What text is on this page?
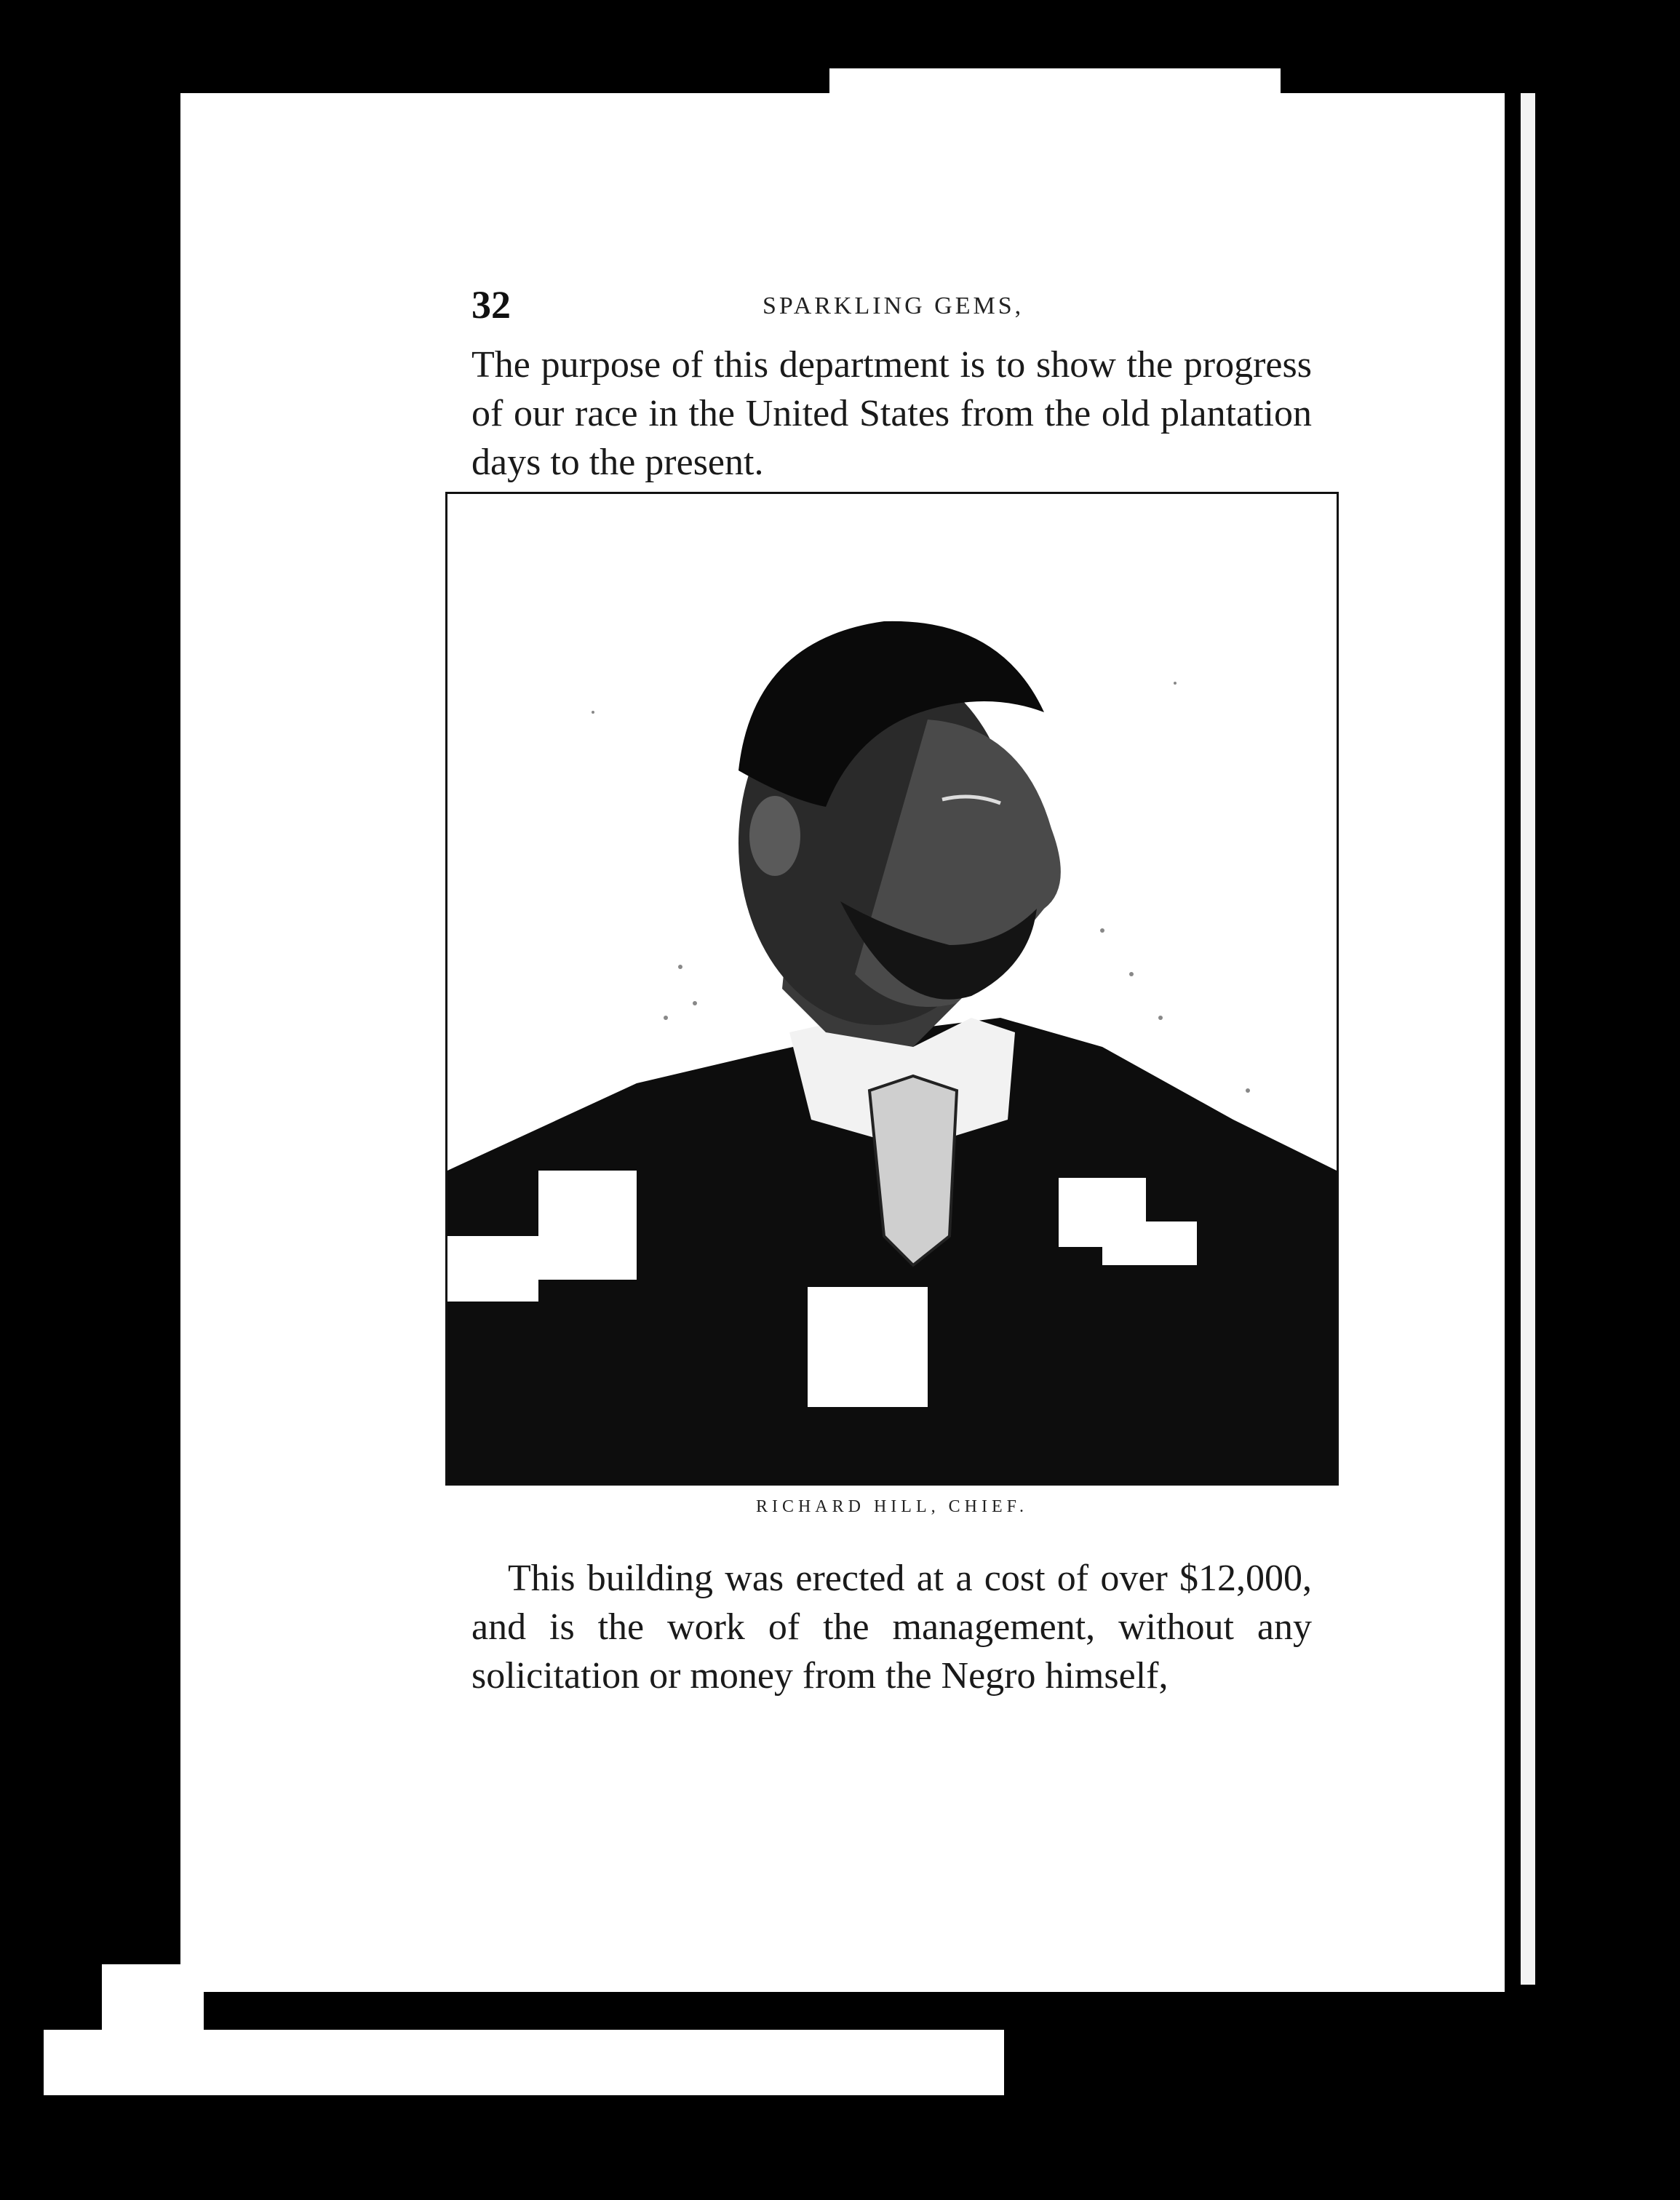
32	SPARKLING GEMS,

The purpose of this department is to show the progress of our race in the United States from the old plantation days to the present.

RICHARD HILL, CHIEF.

This building was erected at a cost of over $12,000, and is the work of the management, without any solicitation or money from the Negro himself,
